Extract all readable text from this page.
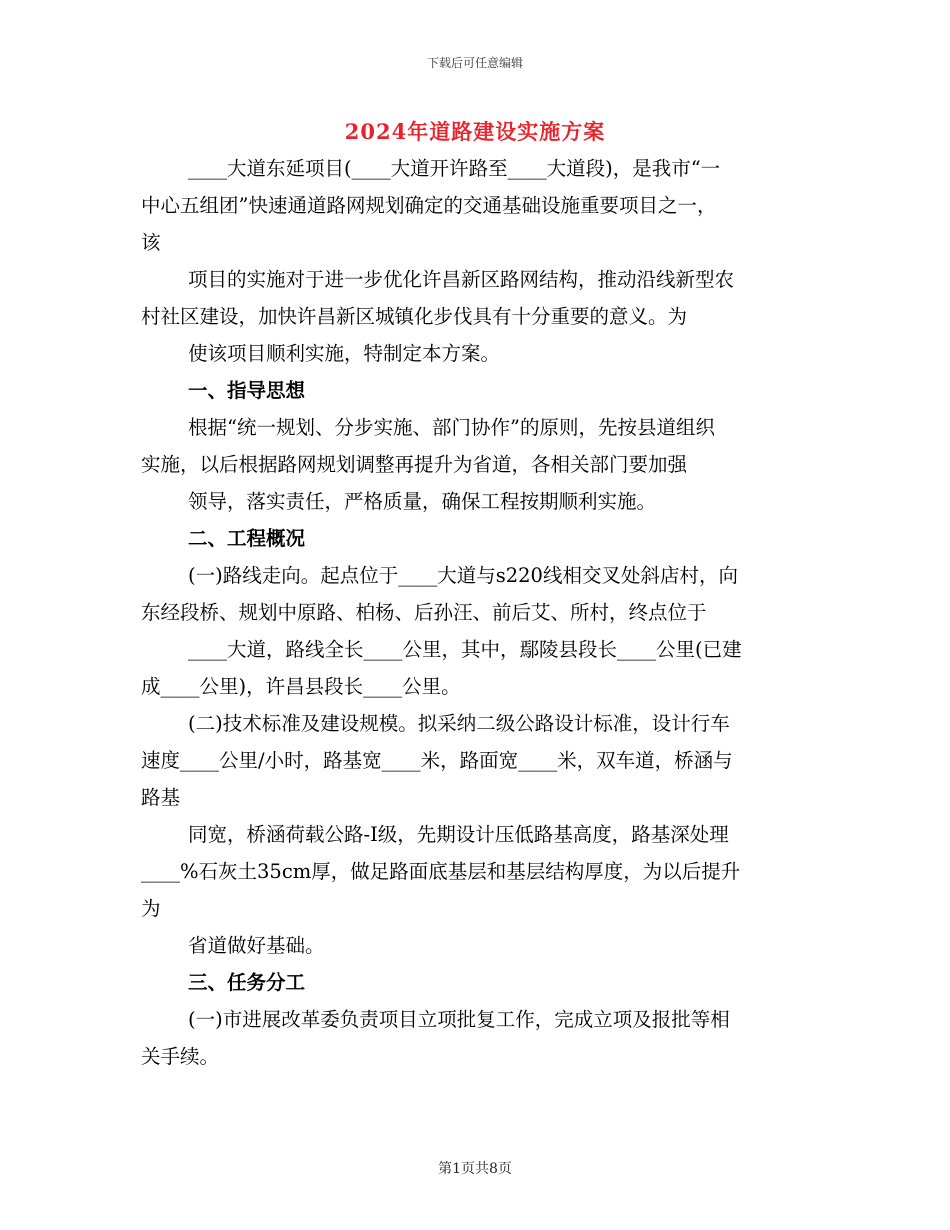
下载后可任意编辑
2024年道路建设实施方案
____大道东延项目(____大道开许路至____大道段)，是我市“一
中心五组团”快速通道路网规划确定的交通基础设施重要项目之一，
该
项目的实施对于进一步优化许昌新区路网结构，推动沿线新型农
村社区建设，加快许昌新区城镇化步伐具有十分重要的意义。为
使该项目顺利实施，特制定本方案。
一、指导思想
根据“统一规划、分步实施、部门协作”的原则，先按县道组织
实施，以后根据路网规划调整再提升为省道，各相关部门要加强
领导，落实责任，严格质量，确保工程按期顺利实施。
二、工程概况
(一)路线走向。起点位于____大道与s220线相交叉处斜店村，向
东经段桥、规划中原路、柏杨、后孙汪、前后艾、所村，终点位于
____大道，路线全长____公里，其中，鄢陵县段长____公里(已建
成____公里)，许昌县段长____公里。
(二)技术标准及建设规模。拟采纳二级公路设计标准，设计行车
速度____公里/小时，路基宽____米，路面宽____米，双车道，桥涵与
路基
同宽，桥涵荷载公路-Ⅰ级，先期设计压低路基高度，路基深处理
____%石灰土35cm厚，做足路面底基层和基层结构厚度，为以后提升
为
省道做好基础。
三、任务分工
(一)市进展改革委负责项目立项批复工作，完成立项及报批等相
关手续。
第1页共8页
